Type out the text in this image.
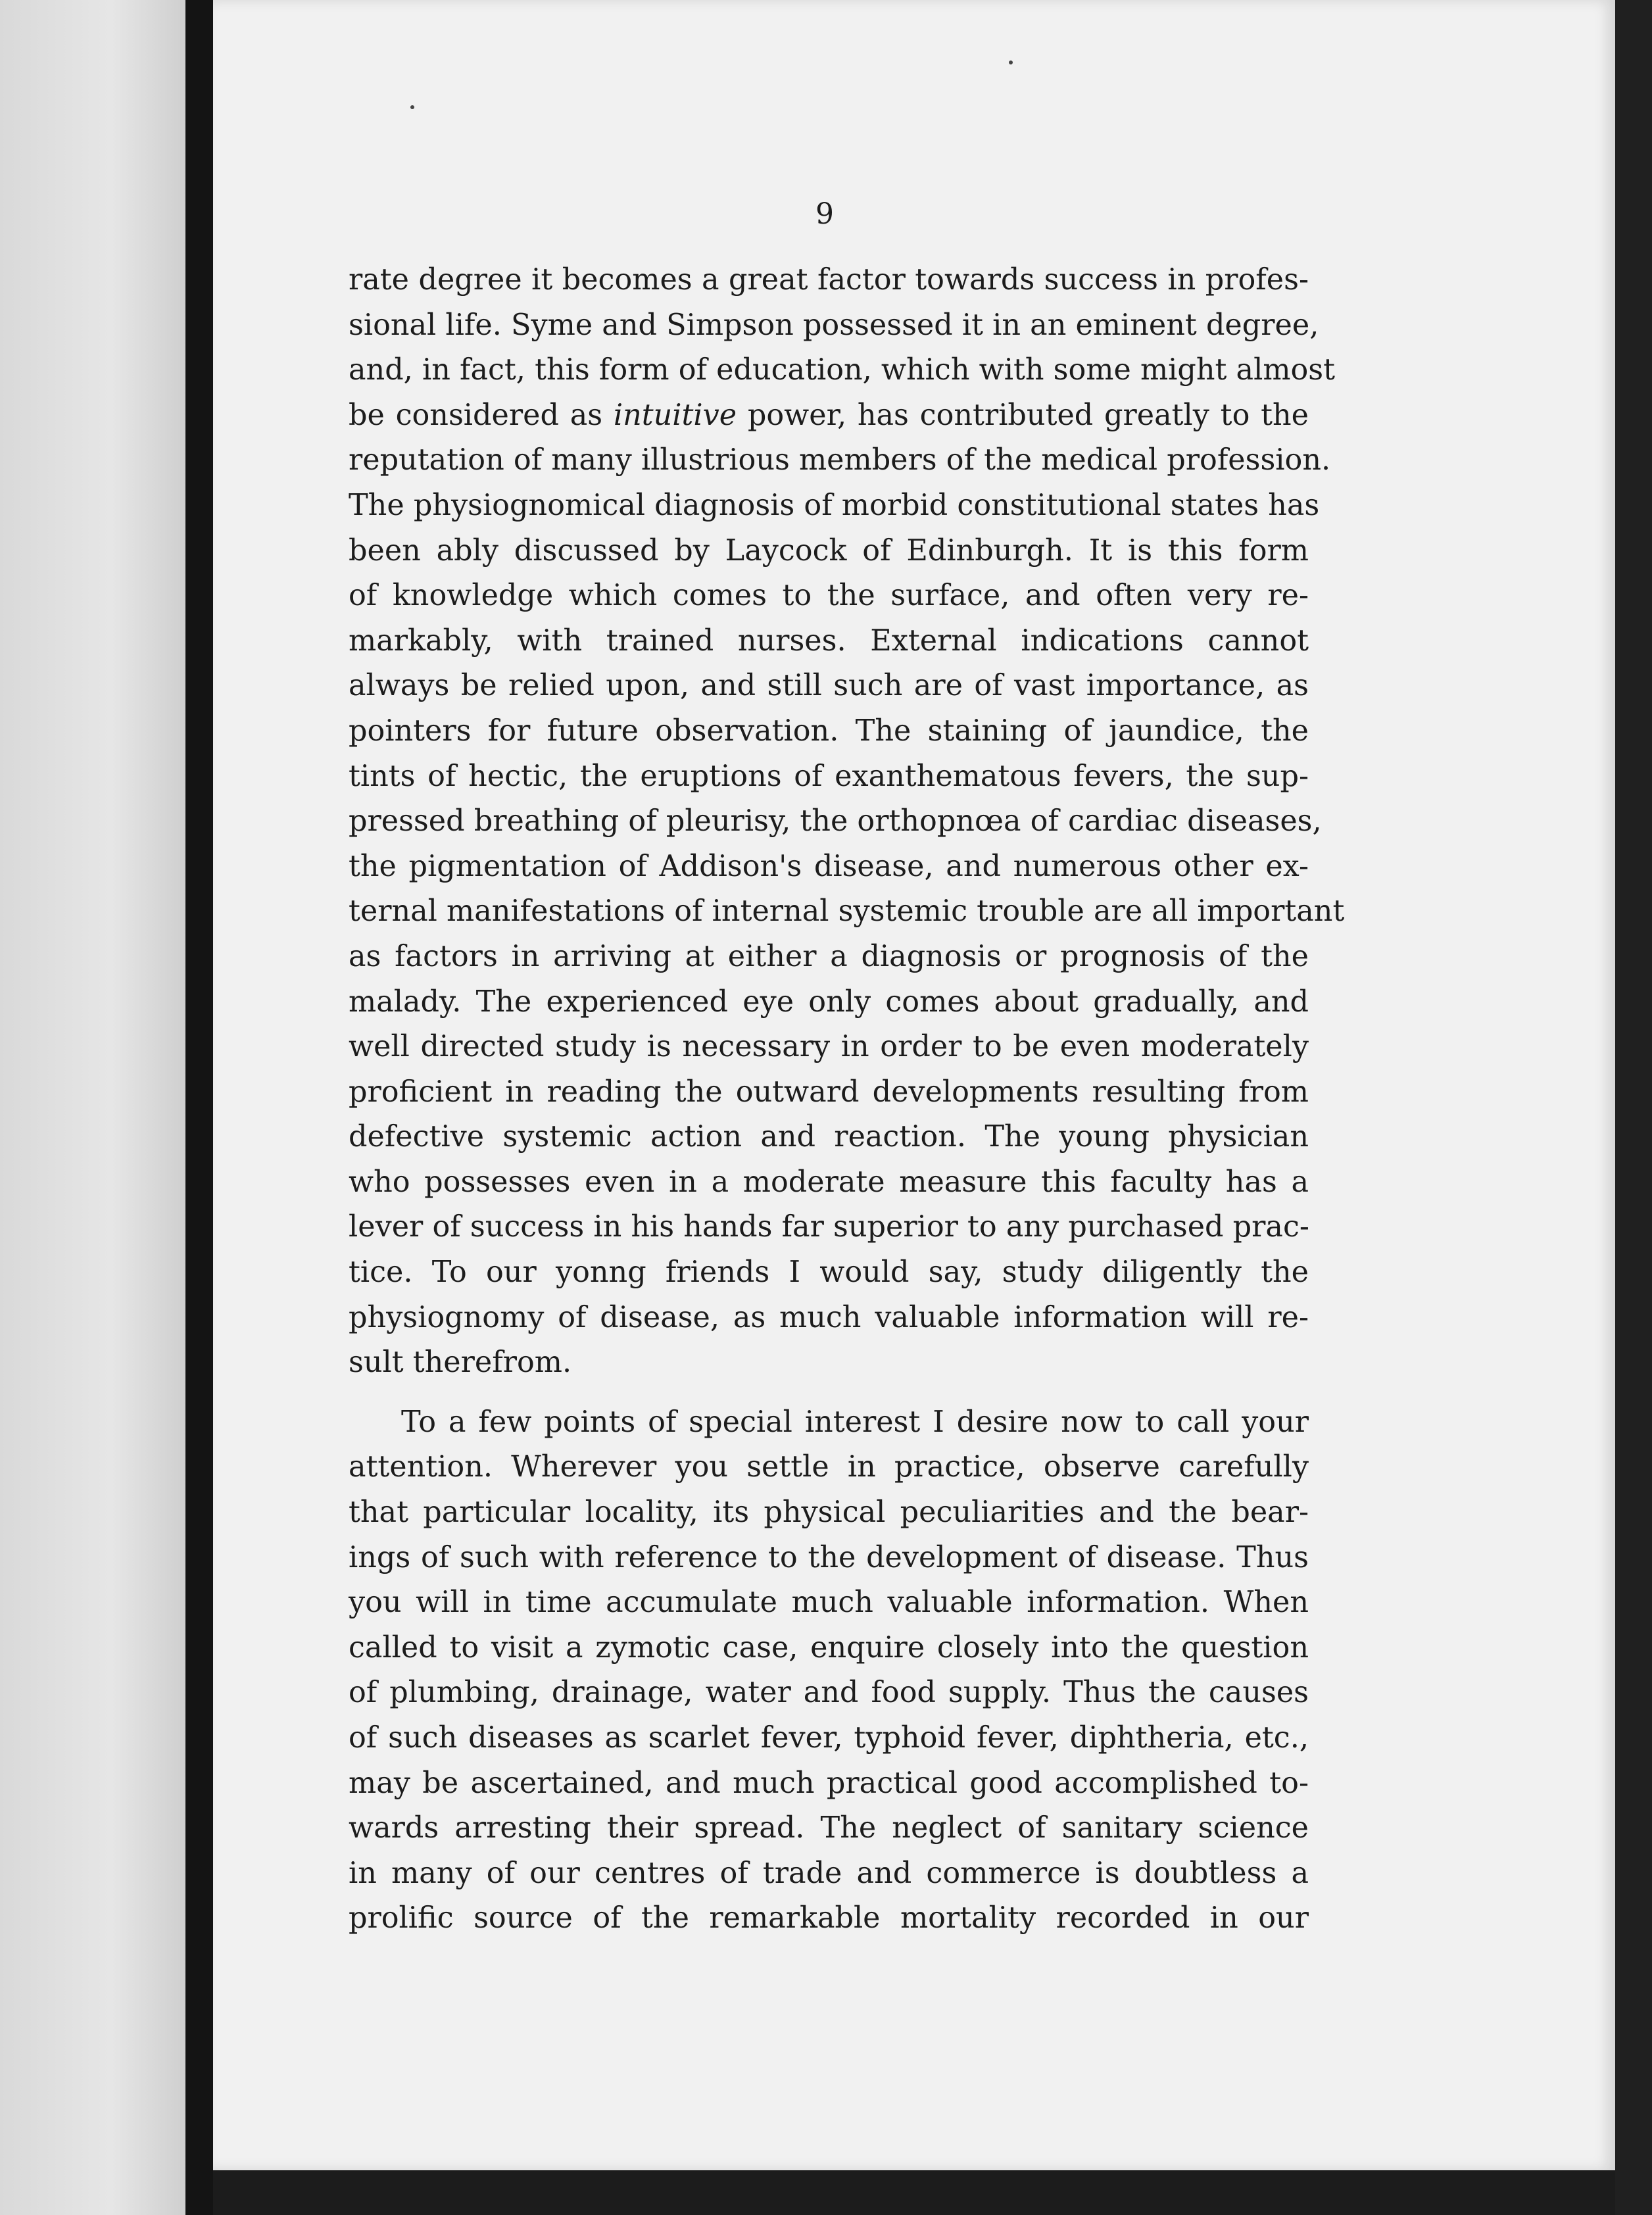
9
rate degree it becomes a great factor towards success in profes-
sional life. Syme and Simpson possessed it in an eminent degree,
and, in fact, this form of education, which with some might almost
be considered as intuitive power, has contributed greatly to the
reputation of many illustrious members of the medical profession.
The physiognomical diagnosis of morbid constitutional states has
been ably discussed by Laycock of Edinburgh. It is this form
of knowledge which comes to the surface, and often very re-
markably, with trained nurses. External indications cannot
always be relied upon, and still such are of vast importance, as
pointers for future observation. The staining of jaundice, the
tints of hectic, the eruptions of exanthematous fevers, the sup-
pressed breathing of pleurisy, the orthopnœa of cardiac diseases,
the pigmentation of Addison's disease, and numerous other ex-
ternal manifestations of internal systemic trouble are all important
as factors in arriving at either a diagnosis or prognosis of the
malady. The experienced eye only comes about gradually, and
well directed study is necessary in order to be even moderately
proficient in reading the outward developments resulting from
defective systemic action and reaction. The young physician
who possesses even in a moderate measure this faculty has a
lever of success in his hands far superior to any purchased prac-
tice. To our yonng friends I would say, study diligently the
physiognomy of disease, as much valuable information will re-
sult therefrom.
To a few points of special interest I desire now to call your
attention. Wherever you settle in practice, observe carefully
that particular locality, its physical peculiarities and the bear-
ings of such with reference to the development of disease. Thus
you will in time accumulate much valuable information. When
called to visit a zymotic case, enquire closely into the question
of plumbing, drainage, water and food supply. Thus the causes
of such diseases as scarlet fever, typhoid fever, diphtheria, etc.,
may be ascertained, and much practical good accomplished to-
wards arresting their spread. The neglect of sanitary science
in many of our centres of trade and commerce is doubtless a
prolific source of the remarkable mortality recorded in our
